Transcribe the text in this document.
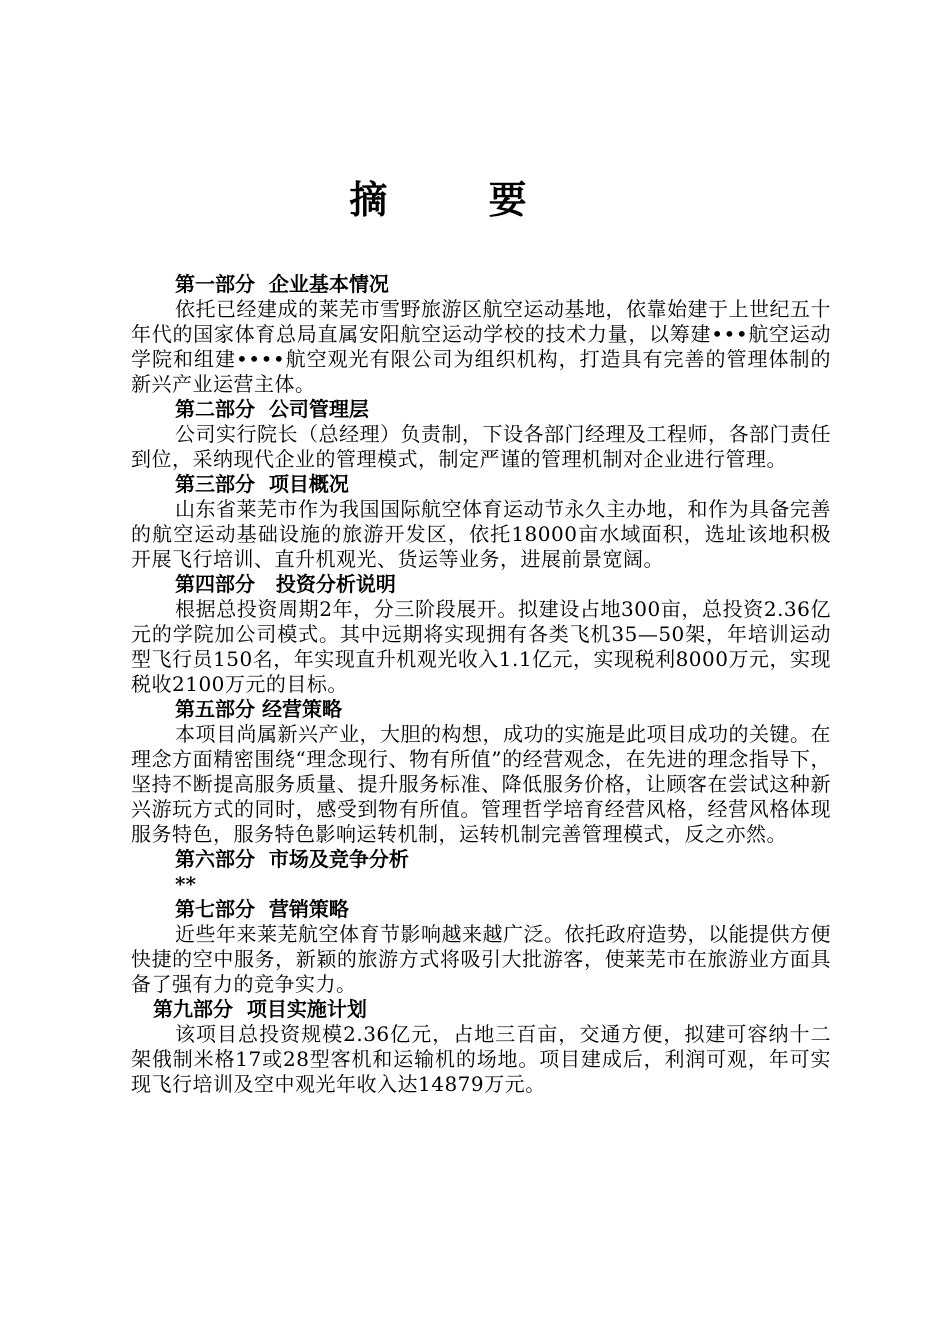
摘 要

第一部分  企业基本情况

依托已经建成的莱芜市雪野旅游区航空运动基地，依靠始建于上世纪五十年代的国家体育总局直属安阳航空运动学校的技术力量，以筹建•••航空运动学院和组建••••航空观光有限公司为组织机构，打造具有完善的管理体制的新兴产业运营主体。

第二部分  公司管理层

公司实行院长（总经理）负责制，下设各部门经理及工程师，各部门责任到位，采纳现代企业的管理模式，制定严谨的管理机制对企业进行管理。

第三部分  项目概况

山东省莱芜市作为我国国际航空体育运动节永久主办地，和作为具备完善的航空运动基础设施的旅游开发区，依托18000亩水域面积，选址该地积极开展飞行培训、直升机观光、货运等业务，进展前景宽阔。

第四部分   投资分析说明

根据总投资周期2年，分三阶段展开。拟建设占地300亩，总投资2.36亿元的学院加公司模式。其中远期将实现拥有各类飞机35—50架，年培训运动型飞行员150名，年实现直升机观光收入1.1亿元，实现税利8000万元，实现税收2100万元的目标。

第五部分 经营策略

本项目尚属新兴产业，大胆的构想，成功的实施是此项目成功的关键。在理念方面精密围绕“理念现行、物有所值”的经营观念，在先进的理念指导下，坚持不断提高服务质量、提升服务标准、降低服务价格，让顾客在尝试这种新兴游玩方式的同时，感受到物有所值。管理哲学培育经营风格，经营风格体现服务特色，服务特色影响运转机制，运转机制完善管理模式，反之亦然。

第六部分  市场及竞争分析

**

第七部分  营销策略

近些年来莱芜航空体育节影响越来越广泛。依托政府造势，以能提供方便快捷的空中服务，新颖的旅游方式将吸引大批游客，使莱芜市在旅游业方面具备了强有力的竞争实力。

第九部分  项目实施计划

该项目总投资规模2.36亿元，占地三百亩，交通方便，拟建可容纳十二架俄制米格17或28型客机和运输机的场地。项目建成后，利润可观，年可实现飞行培训及空中观光年收入达14879万元。
